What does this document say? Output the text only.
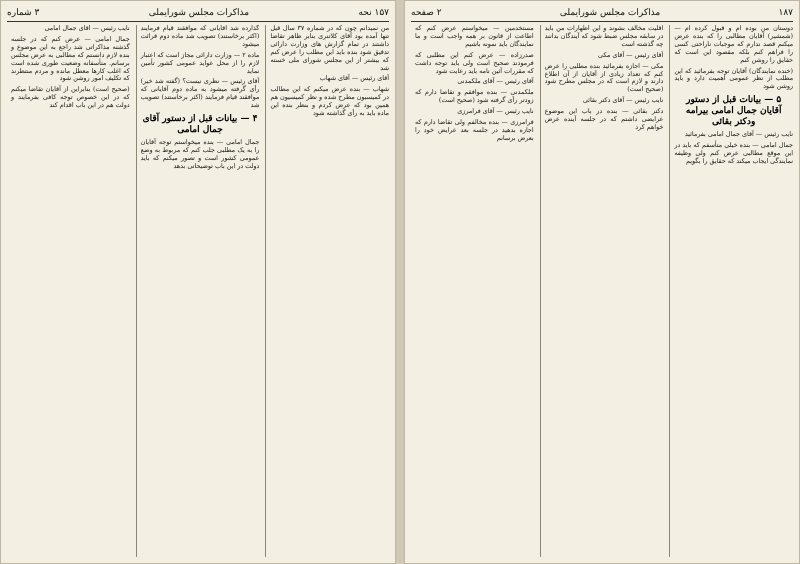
۱۵۷ نحه
مذاکرات مجلس شورایملی
۳ شماره

من نمیدانم چون که در شماره ۳۷ سال قبل تنها آمده بود آقای کلاتنری بنابر ظاهر تقاضا داشتند در تمام گزارش های وزارت دارائی تدقیق شود بنده باید این مطلب را عرض کنم که بیشتر از این مجلس شورای ملی خسته شد

آقای رئیس — آقای شهاب

شهاب — بنده عرض میکنم که این مطالب در کمیسیون مطرح شده و نظر کمیسیون هم همین بود که عرض کردم و بنظر بنده این ماده باید به رأی گذاشته شود

گذارده شد آقایانی که موافقند قیام فرمایند (اکثر برخاستند) تصویب شد ماده دوم قرائت میشود

ماده ۲ — وزارت دارائی مجاز است که اعتبار لازم را از محل عواید عمومی کشور تأمین نماید

آقای رئیس — نظری نیست؟ (گفته شد خیر) رأی گرفته میشود به ماده دوم آقایانی که موافقند قیام فرمایند (اکثر برخاستند) تصویب شد

۴ — بیانات قبل از دستور آقای جمال امامی

جمال امامی — بنده میخواستم توجه آقایان را به یک مطلبی جلب کنم که مربوط به وضع عمومی کشور است و تصور میکنم که باید دولت در این باب توضیحاتی بدهد

نایب رئیس — آقای جمال امامی

جمال امامی — عرض کنم که در جلسه گذشته مذاکراتی شد راجع به این موضوع و بنده لازم دانستم که مطالبی به عرض مجلس برسانم. متأسفانه وضعیت طوری شده است که اغلب کارها معطل مانده و مردم منتظرند که تکلیف امور روشن شود

(صحیح است) بنابراین از آقایان تقاضا میکنم که در این خصوص توجه کافی بفرمایند و دولت هم در این باب اقدام کند

۱۸۷
مذاکرات مجلس شورایملی
۲ صفحه

دوستان من بوده ام و قبول کرده ام — (شمشیر) آقایان مطالبی را که بنده عرض میکنم قصد ندارم که موجبات ناراحتی کسی را فراهم کنم بلکه مقصود این است که حقایق را روشن کنم

(خنده نمایندگان) آقایان توجه بفرمائید که این مطلب از نظر عمومی اهمیت دارد و باید روشن شود

۵ — بیانات قبل از دستور آقایان جمال امامی بیرامه ودکتر بقائی

نایب رئیس — آقای جمال امامی بفرمائید

جمال امامی — بنده خیلی متأسفم که باید در این موقع مطالبی عرض کنم ولی وظیفه نمایندگی ایجاب میکند که حقایق را بگویم

اقلیت مخالف بشوند و این اظهارات من باید در سابقه مجلس ضبط شود که آیندگان بدانند چه گذشته است

آقای رئیس — آقای مکی

مکی — اجازه بفرمائید بنده مطلبی را عرض کنم که تعداد زیادی از آقایان از آن اطلاع دارند و لازم است که در مجلس مطرح شود (صحیح است)

نایب رئیس — آقای دکتر بقائی

دکتر بقائی — بنده در باب این موضوع عرایضی داشتم که در جلسه آینده عرض خواهم کرد

مستخدمین — میخواستم عرض کنم که اطاعت از قانون بر همه واجب است و ما نمایندگان باید نمونه باشیم

صدرزاده — عرض کنم این مطلبی که فرمودند صحیح است ولی باید توجه داشت که مقررات آئین نامه باید رعایت شود

آقای رئیس — آقای ملکمدنی

ملکمدنی — بنده موافقم و تقاضا دارم که زودتر رأی گرفته شود (صحیح است)

نایب رئیس — آقای فرامرزی

فرامرزی — بنده مخالفم ولی تقاضا دارم که اجازه بدهید در جلسه بعد عرایض خود را بعرض برسانم
